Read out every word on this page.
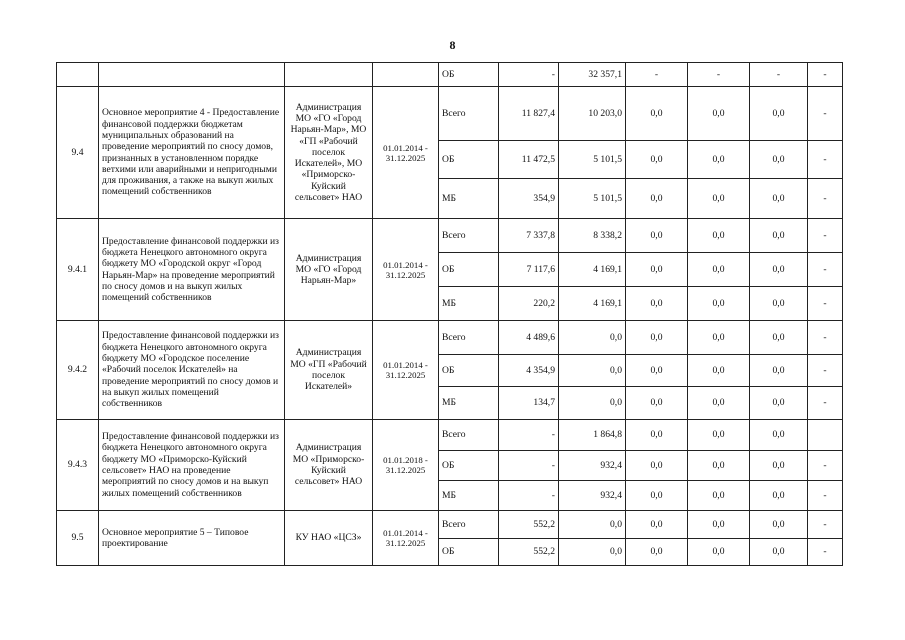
8
				ОБ	-	32 357,1	-	-	-	-
9.4	Основное мероприятие 4 - Предоставление финансовой поддержки бюджетам муниципальных образований на проведение мероприятий по сносу домов, признанных в установленном порядке ветхими или аварийными и непригодными для проживания, а также на выкуп жилых помещений собственников	Администрация МО «ГО «Город Нарьян-Мар», МО «ГП «Рабочий поселок Искателей», МО «Приморско-Куйский сельсовет» НАО	01.01.2014 - 31.12.2025	Всего	11 827,4	10 203,0	0,0	0,0	0,0	-
				ОБ	11 472,5	5 101,5	0,0	0,0	0,0	-
				МБ	354,9	5 101,5	0,0	0,0	0,0	-
9.4.1	Предоставление финансовой поддержки из бюджета Ненецкого автономного округа бюджету МО «Городской округ «Город Нарьян-Мар» на проведение мероприятий по сносу домов и на выкуп жилых помещений собственников	Администрация МО «ГО «Город Нарьян-Мар»	01.01.2014 - 31.12.2025	Всего	7 337,8	8 338,2	0,0	0,0	0,0	-
				ОБ	7 117,6	4 169,1	0,0	0,0	0,0	-
				МБ	220,2	4 169,1	0,0	0,0	0,0	-
9.4.2	Предоставление финансовой поддержки из бюджета Ненецкого автономного округа бюджету МО «Городское поселение «Рабочий поселок Искателей» на проведение мероприятий по сносу домов и на выкуп жилых помещений собственников	Администрация МО «ГП «Рабочий поселок Искателей»	01.01.2014 - 31.12.2025	Всего	4 489,6	0,0	0,0	0,0	0,0	-
				ОБ	4 354,9	0,0	0,0	0,0	0,0	-
				МБ	134,7	0,0	0,0	0,0	0,0	-
9.4.3	Предоставление финансовой поддержки из бюджета Ненецкого автономного округа бюджету МО «Приморско-Куйский сельсовет» НАО на проведение мероприятий по сносу домов и на выкуп жилых помещений собственников	Администрация МО «Приморско-Куйский сельсовет» НАО	01.01.2018 - 31.12.2025	Всего	-	1 864,8	0,0	0,0	0,0	
				ОБ	-	932,4	0,0	0,0	0,0	-
				МБ	-	932,4	0,0	0,0	0,0	-
9.5	Основное мероприятие 5 – Типовое проектирование	КУ НАО «ЦСЗ»	01.01.2014 - 31.12.2025	Всего	552,2	0,0	0,0	0,0	0,0	-
				ОБ	552,2	0,0	0,0	0,0	0,0	-
